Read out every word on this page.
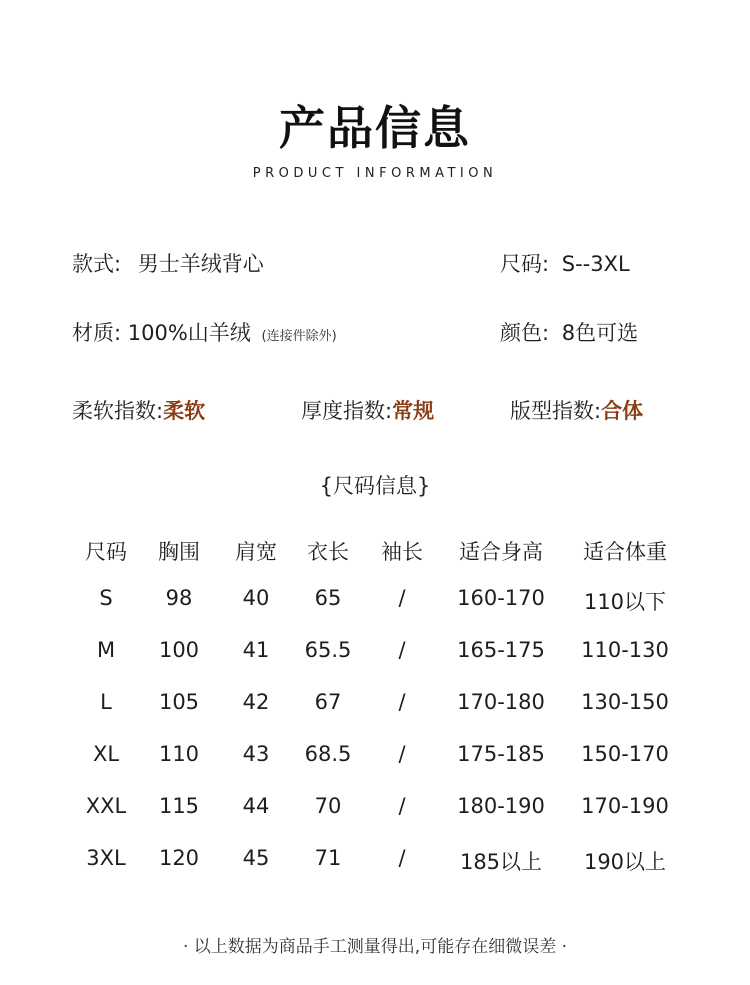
产品信息
PRODUCT INFORMATION
款式: 男士羊绒背心	尺码: S--3XL
材质: 100%山羊绒 (连接件除外)	颜色: 8色可选
柔软指数:柔软	厚度指数:常规	版型指数:合体
{尺码信息}
尺码	胸围	肩宽	衣长	袖长	适合身高	适合体重
S	98	40	65	/	160-170	110以下
M	100	41	65.5	/	165-175	110-130
L	105	42	67	/	170-180	130-150
XL	110	43	68.5	/	175-185	150-170
XXL	115	44	70	/	180-190	170-190
3XL	120	45	71	/	185以上	190以上
· 以上数据为商品手工测量得出,可能存在细微误差 ·
